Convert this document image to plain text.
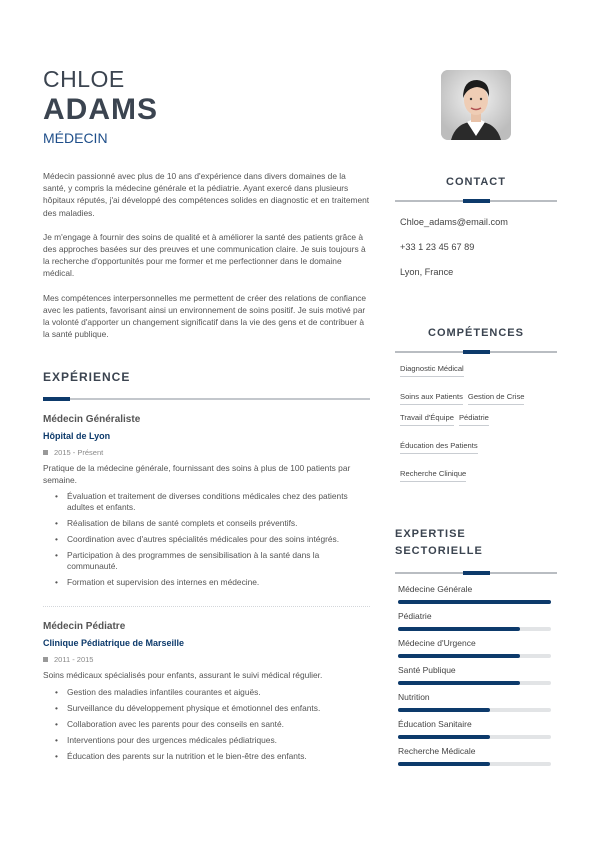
CHLOE
ADAMS
MÉDECIN

Médecin passionné avec plus de 10 ans d'expérience dans divers domaines de la santé, y compris la médecine générale et la pédiatrie. Ayant exercé dans plusieurs hôpitaux réputés, j'ai développé des compétences solides en diagnostic et en traitement des maladies.

Je m'engage à fournir des soins de qualité et à améliorer la santé des patients grâce à des approches basées sur des preuves et une communication claire. Je suis toujours à la recherche d'opportunités pour me former et me perfectionner dans le domaine médical.

Mes compétences interpersonnelles me permettent de créer des relations de confiance avec les patients, favorisant ainsi un environnement de soins positif. Je suis motivé par la volonté d'apporter un changement significatif dans la vie des gens et de contribuer à la santé publique.

EXPÉRIENCE
Médecin Généraliste
Hôpital de Lyon
2015 - Présent
Pratique de la médecine générale, fournissant des soins à plus de 100 patients par semaine.
• Évaluation et traitement de diverses conditions médicales chez des patients adultes et enfants.
• Réalisation de bilans de santé complets et conseils préventifs.
• Coordination avec d'autres spécialités médicales pour des soins intégrés.
• Participation à des programmes de sensibilisation à la santé dans la communauté.
• Formation et supervision des internes en médecine.
Médecin Pédiatre
Clinique Pédiatrique de Marseille
2011 - 2015
Soins médicaux spécialisés pour enfants, assurant le suivi médical régulier.
• Gestion des maladies infantiles courantes et aiguës.
• Surveillance du développement physique et émotionnel des enfants.
• Collaboration avec les parents pour des conseils en santé.
• Interventions pour des urgences médicales pédiatriques.
• Éducation des parents sur la nutrition et le bien-être des enfants.
CONTACT
Chloe_adams@email.com
+33 1 23 45 67 89
Lyon, France
COMPÉTENCES
Diagnostic Médical
Soins aux Patients Gestion de Crise
Travail d'Équipe Pédiatrie
Éducation des Patients
Recherche Clinique
EXPERTISE SECTORIELLE
Médecine Générale
Pédiatrie
Médecine d'Urgence
Santé Publique
Nutrition
Éducation Sanitaire
Recherche Médicale
